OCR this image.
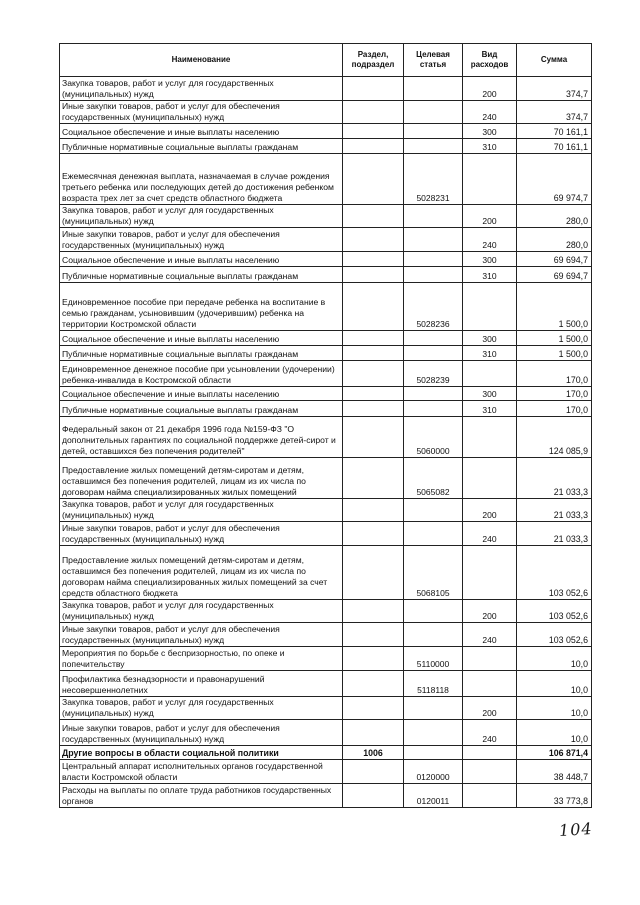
Наименование	Раздел, подраздел	Целевая статья	Вид расходов	Сумма
Закупка товаров, работ и услуг для государственных (муниципальных) нужд			200	374,7
Иные закупки товаров, работ и услуг для обеспечения государственных (муниципальных) нужд			240	374,7
Социальное обеспечение и иные выплаты населению			300	70 161,1
Публичные нормативные социальные выплаты гражданам			310	70 161,1
Ежемесячная денежная выплата, назначаемая в случае рождения третьего ребенка или последующих детей до достижения ребенком возраста трех лет за счет средств областного бюджета		5028231		69 974,7
Закупка товаров, работ и услуг для государственных (муниципальных) нужд			200	280,0
Иные закупки товаров, работ и услуг для обеспечения государственных (муниципальных) нужд			240	280,0
Социальное обеспечение и иные выплаты населению			300	69 694,7
Публичные нормативные социальные выплаты гражданам			310	69 694,7
Единовременное пособие при передаче ребенка на воспитание в семью гражданам, усыновившим (удочерившим) ребенка на территории Костромской области		5028236		1 500,0
Социальное обеспечение и иные выплаты населению			300	1 500,0
Публичные нормативные социальные выплаты гражданам			310	1 500,0
Единовременное денежное пособие при усыновлении (удочерении) ребенка-инвалида в Костромской области		5028239		170,0
Социальное обеспечение и иные выплаты населению			300	170,0
Публичные нормативные социальные выплаты гражданам			310	170,0
Федеральный закон от 21 декабря 1996 года №159-ФЗ "О дополнительных гарантиях по социальной поддержке детей-сирот и детей, оставшихся без попечения родителей"		5060000		124 085,9
Предоставление жилых помещений детям-сиротам и детям, оставшимся без попечения родителей, лицам из их числа по договорам найма специализированных жилых помещений		5065082		21 033,3
Закупка товаров, работ и услуг для государственных (муниципальных) нужд			200	21 033,3
Иные закупки товаров, работ и услуг для обеспечения государственных (муниципальных) нужд			240	21 033,3
Предоставление жилых помещений детям-сиротам и детям, оставшимся без попечения родителей, лицам из их числа по договорам найма специализированных жилых помещений за счет средств областного бюджета		5068105		103 052,6
Закупка товаров, работ и услуг для государственных (муниципальных) нужд			200	103 052,6
Иные закупки товаров, работ и услуг для обеспечения государственных (муниципальных) нужд			240	103 052,6
Мероприятия по борьбе с беспризорностью, по опеке и попечительству		5110000		10,0
Профилактика безнадзорности и правонарушений несовершеннолетних		5118118		10,0
Закупка товаров, работ и услуг для государственных (муниципальных) нужд			200	10,0
Иные закупки товаров, работ и услуг для обеспечения государственных (муниципальных) нужд			240	10,0
Другие вопросы в области социальной политики	1006			106 871,4
Центральный аппарат исполнительных органов государственной власти Костромской области		0120000		38 448,7
Расходы на выплаты по оплате труда работников государственных органов		0120011		33 773,8
104
